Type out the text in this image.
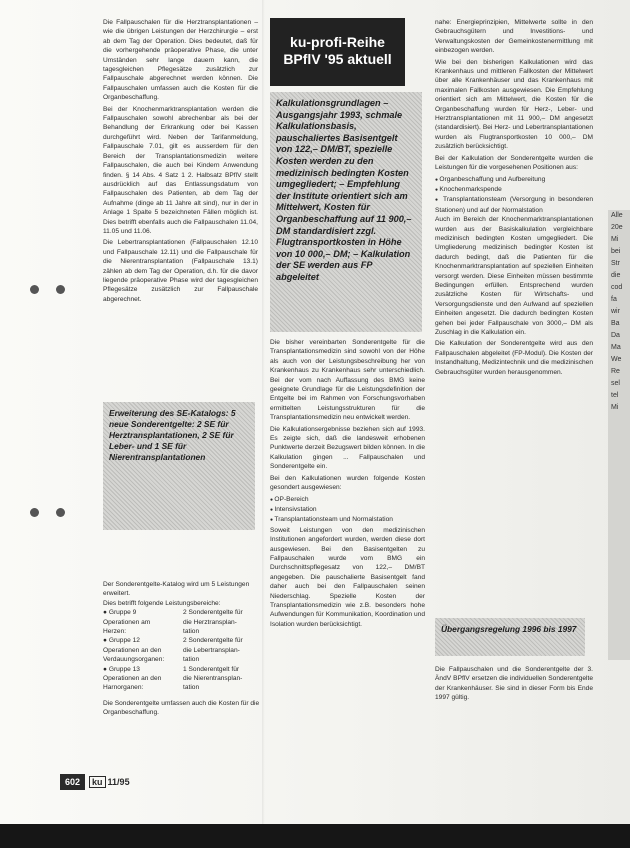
ku-profi-Reihe
BPflV '95 aktuell

Kalkulationsgrundlagen – Ausgangsjahr 1993, schmale Kalkulationsbasis, pauschaliertes Basisentgelt von 122,– DM/BT, spezielle Kosten werden zu den medizinisch bedingten Kosten umgegliedert; – Empfehlung der Institute orientiert sich am Mittelwert, Kosten für Organbeschaffung auf 11 900,– DM standardisiert zzgl. Flugtransportkosten in Höhe von 10 000,– DM; – Kalkulation der SE werden aus FP abgeleitet

Die Fallpauschalen für die Herztransplantationen – wie die übrigen Leistungen der Herzchirurgie – erst ab dem Tag der Operation. Dies bedeutet, daß für die vorhergehende präoperative Phase, die unter Umständen sehr lange dauern kann, die tagesgleichen Pflegesätze zusätzlich zur Fallpauschale abgerechnet werden können. Die Fallpauschalen umfassen auch die Kosten für die Organbeschaffung.

Bei der Knochenmarktransplantation werden die Fallpauschalen sowohl abrechenbar als bei der Behandlung der Erkrankung oder bei Kassen durchgeführt wird. Neben der Tarifanmeldung, Fallpauschale 7.01, gilt es ausserdem für den Bereich der Transplantationsmedizin weitere Fallpauschalen, die auch bei Kindern Anwendung finden. § 14 Abs. 4 Satz 1 2. Halbsatz BPflV stellt ausdrücklich auf das Entlassungsdatum von Fallpauschalen des Patienten, ab dem Tag der Aufnahme (dinge ab 11 Jahre alt sind), nur in der in Anlage 1 Spalte 5 bezeichneten Fällen möglich ist. Dies betrifft ebenfalls auch die Fallpauschalen 11.04, 11.05 und 11.06.

Die Lebertransplantationen (Fallpauschalen 12.10 und Fallpauschale 12.11) und die Fallpauschale für die Nierentransplantation (Fallpauschale 13.1) zählen ab dem Tag der Operation, d.h. für die davor liegende präoperative Phase wird der tagesgleichen Pflegesätze zusätzlich zur Fallpauschale abgerechnet.

Erweiterung des SE-Katalogs: 5 neue Sonderentgelte: 2 SE für Herztransplantationen, 2 SE für Leber- und 1 SE für Nierentransplantationen

Der Sonderentgelte-Katalog wird um 5 Leistungen erweitert.
Dies betrifft folgende Leistungsbereiche:
● Gruppe 9	2 Sonderentgelte für
Operationen am	die Herztransplan-
Herzen:	tation
● Gruppe 12	2 Sonderentgelte für
Operationen an den	die Lebertransplan-
Verdauungsorganen:	tation
● Gruppe 13	1 Sonderentgelt für
Operationen an den	die Nierentransplan-
Harnorganen:	tation
Die Sonderentgelte umfassen auch die Kosten für die Organbeschaffung.

Die bisher vereinbarten Sonderentgelte für die Transplantationsmedizin sind sowohl von der Höhe als auch von der Leistungsbeschreibung her von Krankenhaus zu Krankenhaus sehr unterschiedlich. Bei der vom nach Auffassung des BMG keine geeignete Grundlage für die Leistungsdefinition der Entgelte bei im Rahmen von Forschungsvorhaben ermittelten Leistungsstrukturen für die Transplantationsmedizin neu entwickelt werden.

Die Kalkulationsergebnisse beziehen sich auf 1993. Es zeigte sich, daß die landesweit erhobenen Punktwerte derzeit Bezugswert bilden können. In die Kalkulation gingen ... Fallpauschalen und Sonderentgelte ein.

Bei den Kalkulationen wurden folgende Kosten gesondert ausgewiesen:

● OP-Bereich
● Intensivstation
● Transplantationsteam und Normalstation

Soweit Leistungen von den medizinischen Institutionen angefordert wurden, werden diese dort ausgewiesen. Bei den Basisentgelten zu Fallpauschalen wurde vom BMG ein Durchschnittspflegesatz von 122,– DM/BT angegeben. Die pauschalierte Basisentgelt fand daher auch bei den Fallpauschalen seinen Niederschlag. Spezielle Kosten der Transplantationsmedizin wie z.B. besonders hohe Aufwendungen für Kommunikation, Koordination und Isolation wurden berücksichtigt.

nahe: Energieprinzipien, Mittelwerte sollte in den Gebrauchsgütern und Investitions- und Verwaltungskosten der Gemeinkostenermittlung mit einbezogen werden.

Wie bei den bisherigen Kalkulationen wird das Krankenhaus und mittleren Fallkosten der Mittelwert über alle Krankenhäuser und das Krankenhaus mit maximalen Fallkosten ausgewiesen. Die Empfehlung orientiert sich am Mittelwert, die Kosten für die Organbeschaffung wurden für Herz-, Leber- und Herztransplantationen mit 11 900,– DM angesetzt (standardisiert). Bei Herz- und Lebertransplantationen wurden als Flugtransportkosten 10 000,– DM zusätzlich berücksichtigt.

Bei der Kalkulation der Sonderentgelte wurden die Leistungen für die vorgesehenen Positionen aus:

● Organbeschaffung und Aufbereitung
● Knochenmarkspende
● Transplantationsteam (Versorgung in besonderen Stationen) und auf der Normalstation

Auch im Bereich der Knochenmarktransplantationen wurden aus der Basiskalkulation vergleichbare medizinisch bedingten Kosten umgegliedert. Die Umgliederung medizinisch bedingter Kosten ist dadurch bedingt, daß die Patienten für die Knochenmarktransplantation auf speziellen Einheiten versorgt werden. Diese Einheiten müssen bestimmte Bedingungen erfüllen. Entsprechend wurden zusätzliche Kosten für Wirtschafts- und Versorgungsdienste und den Aufwand auf speziellen Einheiten angesetzt. Die dadurch bedingten Kosten gehen bei jeder Fallpauschale von 3000,– DM als Zuschlag in die Kalkulation ein.

Die Kalkulation der Sonderentgelte wird aus den Fallpauschalen abgeleitet (FP-Modul). Die Kosten der Instandhaltung, Medizintechnik und die medizinischen Gebrauchsgüter wurden herausgenommen.

Übergangsregelung 1996 bis 1997

Die Fallpauschalen und die Sonderentgelte der 3. ÄndV BPflV ersetzen die individuellen Sonderentgelte der Krankenhäuser. Sie sind in dieser Form bis Ende 1997 gültig.

Alle
20e
Mi
bei
Str
die
cod
fa
wir
Ba
Da
Ma
We
Re
sel
tel
Mi
602	ku 11/95
